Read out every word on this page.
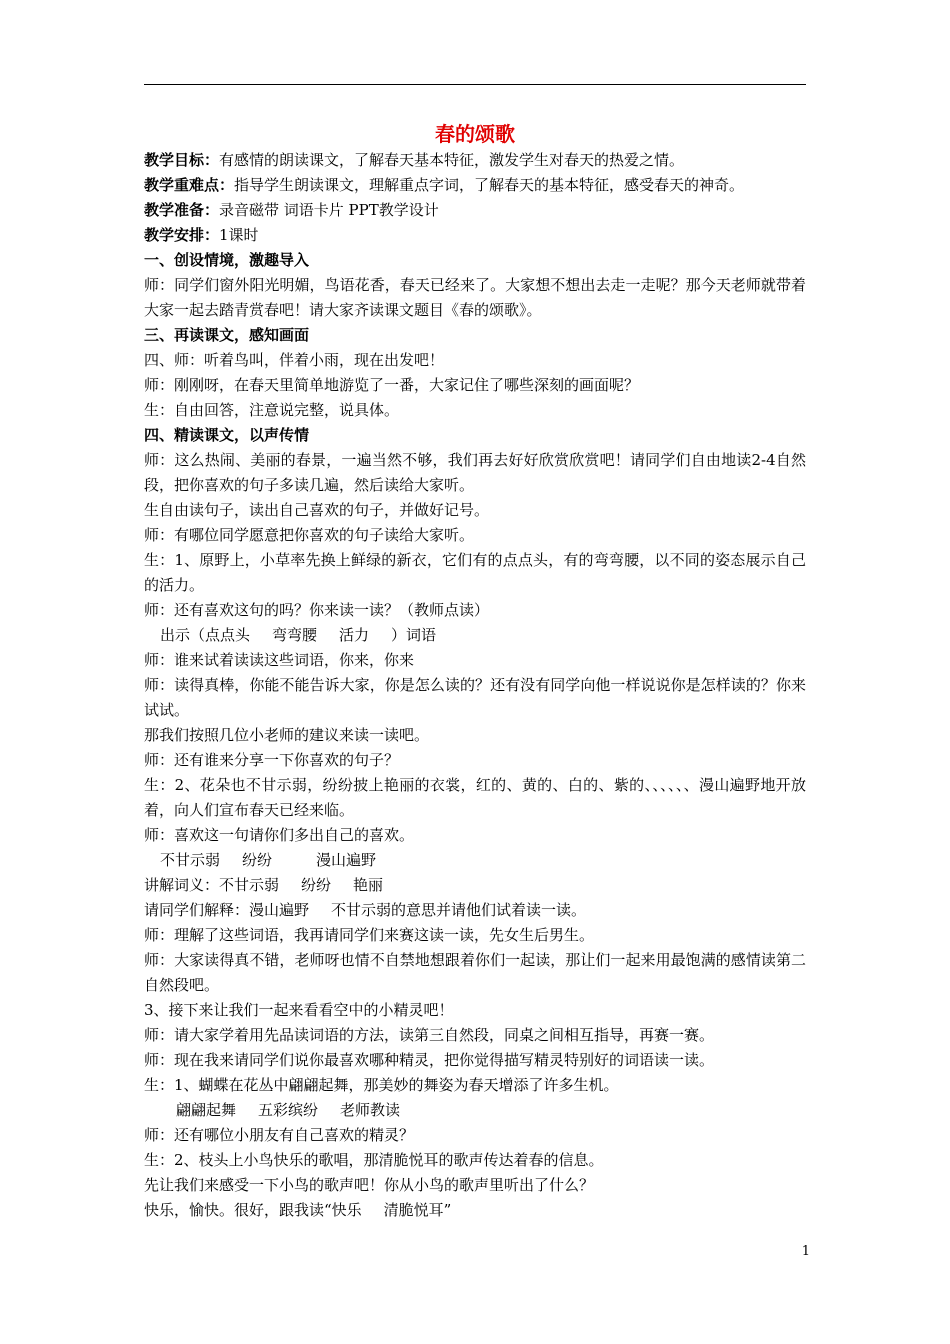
春的颂歌
教学目标：有感情的朗读课文，了解春天基本特征，激发学生对春天的热爱之情。
教学重难点：指导学生朗读课文，理解重点字词，了解春天的基本特征，感受春天的神奇。
教学准备：录音磁带 词语卡片 PPT教学设计
教学安排：1课时
一、创设情境，激趣导入
师：同学们窗外阳光明媚，鸟语花香，春天已经来了。大家想不想出去走一走呢？那今天老师就带着大家一起去踏青赏春吧！请大家齐读课文题目《春的颂歌》。
三、再读课文，感知画面
四、师：听着鸟叫，伴着小雨，现在出发吧！
师：刚刚呀，在春天里简单地游览了一番，大家记住了哪些深刻的画面呢？
生：自由回答，注意说完整，说具体。
四、精读课文，以声传情
师：这么热闹、美丽的春景，一遍当然不够，我们再去好好欣赏欣赏吧！请同学们自由地读2-4自然段，把你喜欢的句子多读几遍，然后读给大家听。
生自由读句子，读出自己喜欢的句子，并做好记号。
师：有哪位同学愿意把你喜欢的句子读给大家听。
生：1、原野上，小草率先换上鲜绿的新衣，它们有的点点头，有的弯弯腰，以不同的姿态展示自己的活力。
师：还有喜欢这句的吗？你来读一读？（教师点读）
出示（点点头 弯弯腰 活力 ）词语
师：谁来试着读读这些词语，你来，你来
师：读得真棒，你能不能告诉大家，你是怎么读的？还有没有同学向他一样说说你是怎样读的？你来试试。
那我们按照几位小老师的建议来读一读吧。
师：还有谁来分享一下你喜欢的句子？
生：2、花朵也不甘示弱，纷纷披上艳丽的衣裳，红的、黄的、白的、紫的、、、、、、漫山遍野地开放着，向人们宣布春天已经来临。
师：喜欢这一句请你们多出自己的喜欢。
不甘示弱 纷纷	漫山遍野
讲解词义：不甘示弱 纷纷 艳丽
请同学们解释：漫山遍野 不甘示弱的意思并请他们试着读一读。
师：理解了这些词语，我再请同学们来赛这读一读，先女生后男生。
师：大家读得真不错，老师呀也情不自禁地想跟着你们一起读，那让们一起来用最饱满的感情读第二自然段吧。
3、接下来让我们一起来看看空中的小精灵吧！
师：请大家学着用先品读词语的方法，读第三自然段，同桌之间相互指导，再赛一赛。
师：现在我来请同学们说你最喜欢哪种精灵，把你觉得描写精灵特别好的词语读一读。
生：1、蝴蝶在花丛中翩翩起舞，那美妙的舞姿为春天增添了许多生机。
翩翩起舞 五彩缤纷 老师教读
师：还有哪位小朋友有自己喜欢的精灵？
生：2、枝头上小鸟快乐的歌唱，那清脆悦耳的歌声传达着春的信息。
先让我们来感受一下小鸟的歌声吧！你从小鸟的歌声里听出了什么？
快乐，愉快。很好，跟我读“快乐 清脆悦耳”
1
